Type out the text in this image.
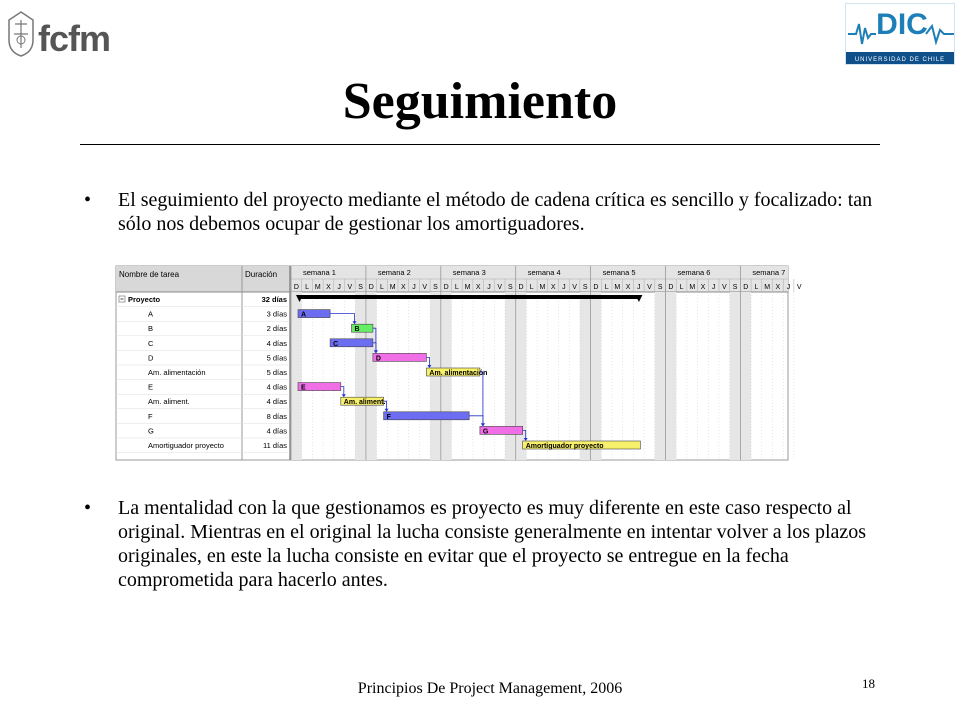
fcfm	DIC
UNIVERSIDAD DE CHILE
Seguimiento
• El seguimiento del proyecto mediante el método de cadena crítica es sencillo y focalizado: tan sólo nos debemos ocupar de gestionar los amortiguadores.
Nombre de tarea	Duración
D L M X J V S D L M X J V S D L M X J V S D L M X J V S D L M X J V S D L M X J V S D L M X J V
semana 1	semana 2	semana 3	semana 4	semana 5	semana 6	semana 7
Proyecto	32 días
A	3 días A
B	2 días	B
C	4 días	C
D	5 días	D
Am. alimentación	5 días	Am. alimentación
E	4 días E
Am. aliment.	4 días	Am. aliment.
F	8 días	F
G	4 días	G
Amortiguador proyecto	11 días	Amortiguador proyecto
• La mentalidad con la que gestionamos es proyecto es muy diferente en este caso respecto al original. Mientras en el original la lucha consiste generalmente en intentar volver a los plazos originales, en este la lucha consiste en evitar que el proyecto se entregue en la fecha comprometida para hacerlo antes.
Principios De Project Management, 2006	18
